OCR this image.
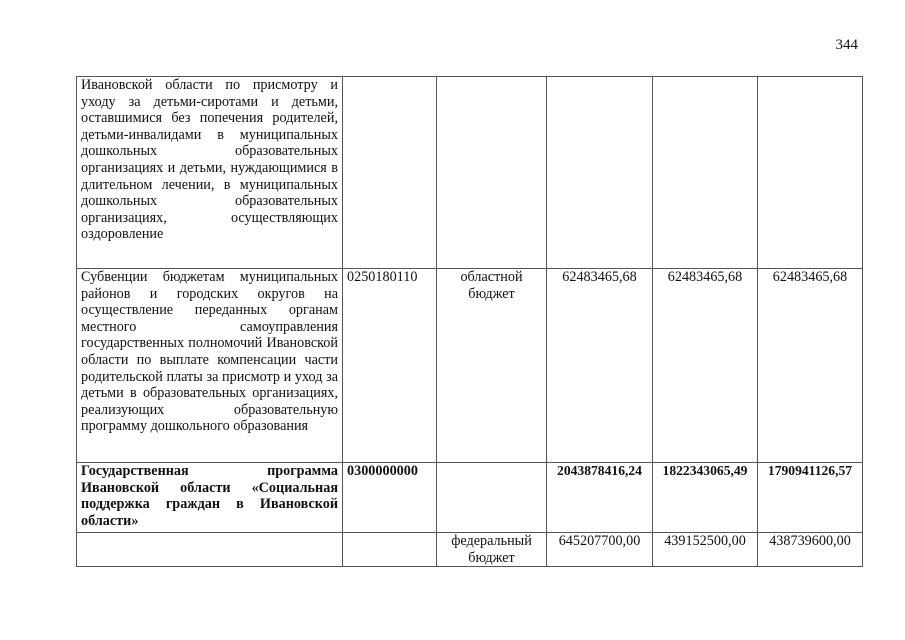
344
Ивановской области по присмотру и уходу за детьми-сиротами и детьми, оставшимися без попечения родителей, детьми-инвалидами в муниципальных дошкольных образовательных организациях и детьми, нуждающимися в длительном лечении, в муниципальных дошкольных образовательных организациях, осуществляющих оздоровление					
Субвенции бюджетам муниципальных районов и городских округов на осуществление переданных органам местного самоуправления государственных полномочий Ивановской области по выплате компенсации части родительской платы за присмотр и уход за детьми в образовательных организациях, реализующих образовательную программу дошкольного образования	0250180110	областной бюджет	62483465,68	62483465,68	62483465,68
Государственная программа Ивановской области «Социальная поддержка граждан в Ивановской области»	0300000000		2043878416,24	1822343065,49	1790941126,57
		федеральный бюджет	645207700,00	439152500,00	438739600,00
